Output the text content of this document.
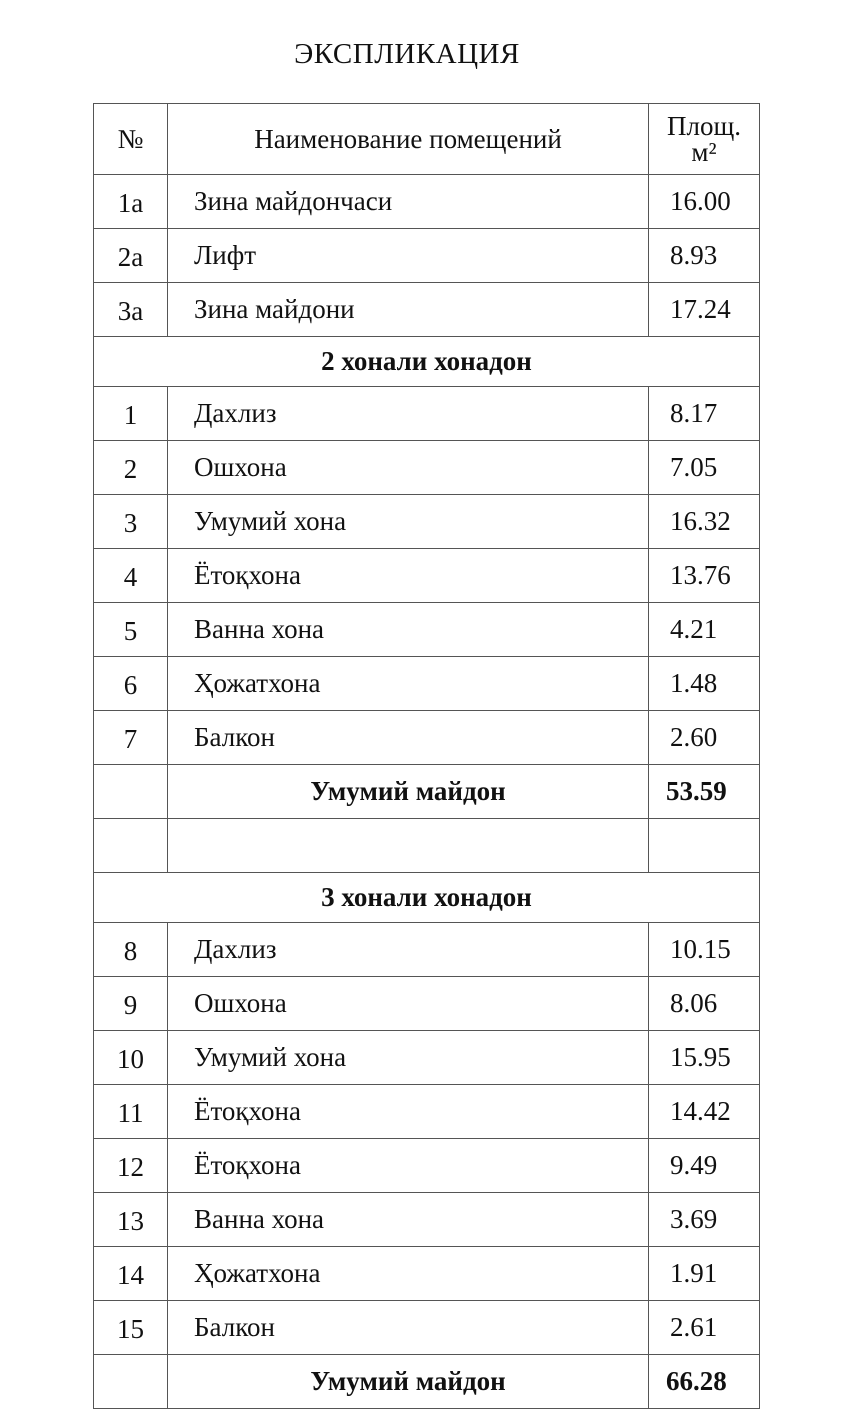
ЭКСПЛИКАЦИЯ
№	Наименование помещений	Площ.
м²

1а	Зина майдончаси	16.00
2а	Лифт	8.93
3а	Зина майдони	17.24
2 хонали хонадон		
1	Дахлиз	8.17
2	Ошхона	7.05
3	Умумий хона	16.32
4	Ётоқхона	13.76
5	Ванна хона	4.21
6	Ҳожатхона	1.48
7	Балкон	2.60
	Умумий майдон	53.59

3 хонали хонадон		
8	Дахлиз	10.15
9	Ошхона	8.06
10	Умумий хона	15.95
11	Ётоқхона	14.42
12	Ётоқхона	9.49
13	Ванна хона	3.69
14	Ҳожатхона	1.91
15	Балкон	2.61
	Умумий майдон	66.28
